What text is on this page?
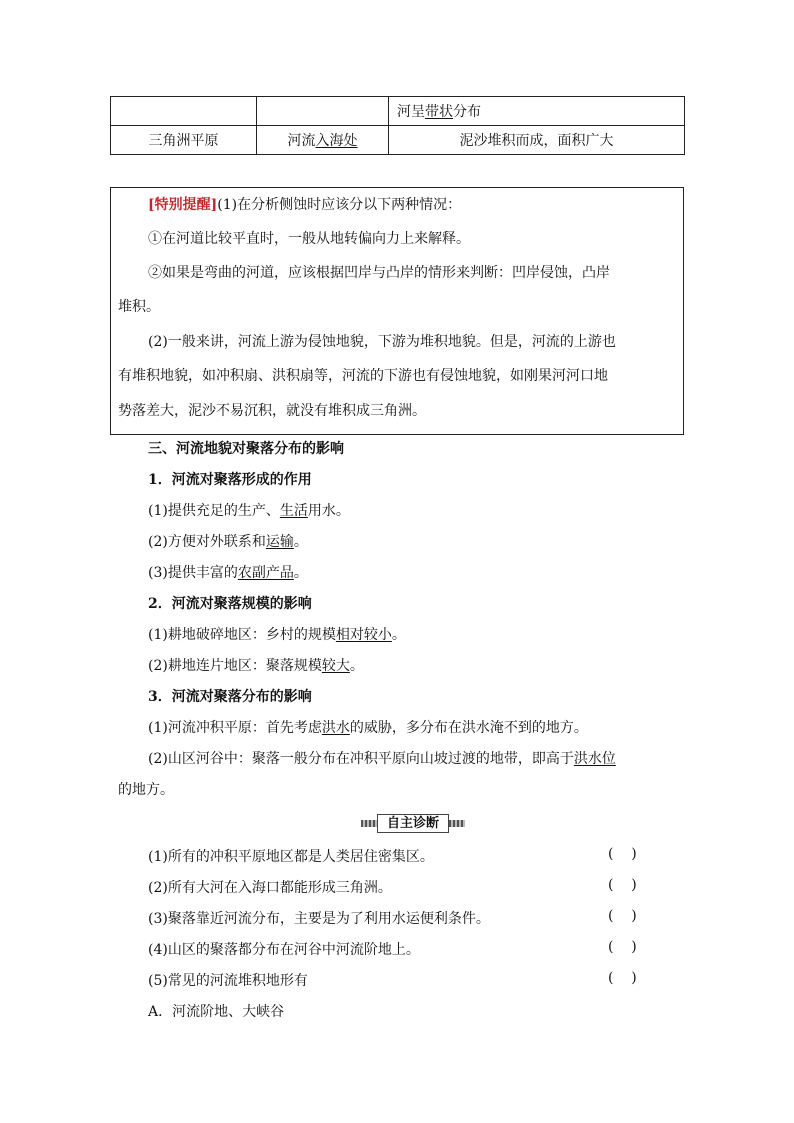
		河呈带状分布
三角洲平原	河流入海处	泥沙堆积而成，面积广大
[特别提醒](1)在分析侧蚀时应该分以下两种情况：
①在河道比较平直时，一般从地转偏向力上来解释。
②如果是弯曲的河道，应该根据凹岸与凸岸的情形来判断：凹岸侵蚀，凸岸
堆积。
(2)一般来讲，河流上游为侵蚀地貌，下游为堆积地貌。但是，河流的上游也
有堆积地貌，如冲积扇、洪积扇等，河流的下游也有侵蚀地貌，如刚果河河口地
势落差大，泥沙不易沉积，就没有堆积成三角洲。
三、河流地貌对聚落分布的影响
1．河流对聚落形成的作用
(1)提供充足的生产、生活用水。
(2)方便对外联系和运输。
(3)提供丰富的农副产品。
2．河流对聚落规模的影响
(1)耕地破碎地区：乡村的规模相对较小。
(2)耕地连片地区：聚落规模较大。
3．河流对聚落分布的影响
(1)河流冲积平原：首先考虑洪水的威胁，多分布在洪水淹不到的地方。
(2)山区河谷中：聚落一般分布在冲积平原向山坡过渡的地带，即高于洪水位
的地方。
自主诊断
(1)所有的冲积平原地区都是人类居住密集区。	(    )
(2)所有大河在入海口都能形成三角洲。	(    )
(3)聚落靠近河流分布，主要是为了利用水运便利条件。	(    )
(4)山区的聚落都分布在河谷中河流阶地上。	(    )
(5)常见的河流堆积地形有	(    )
A．河流阶地、大峡谷
